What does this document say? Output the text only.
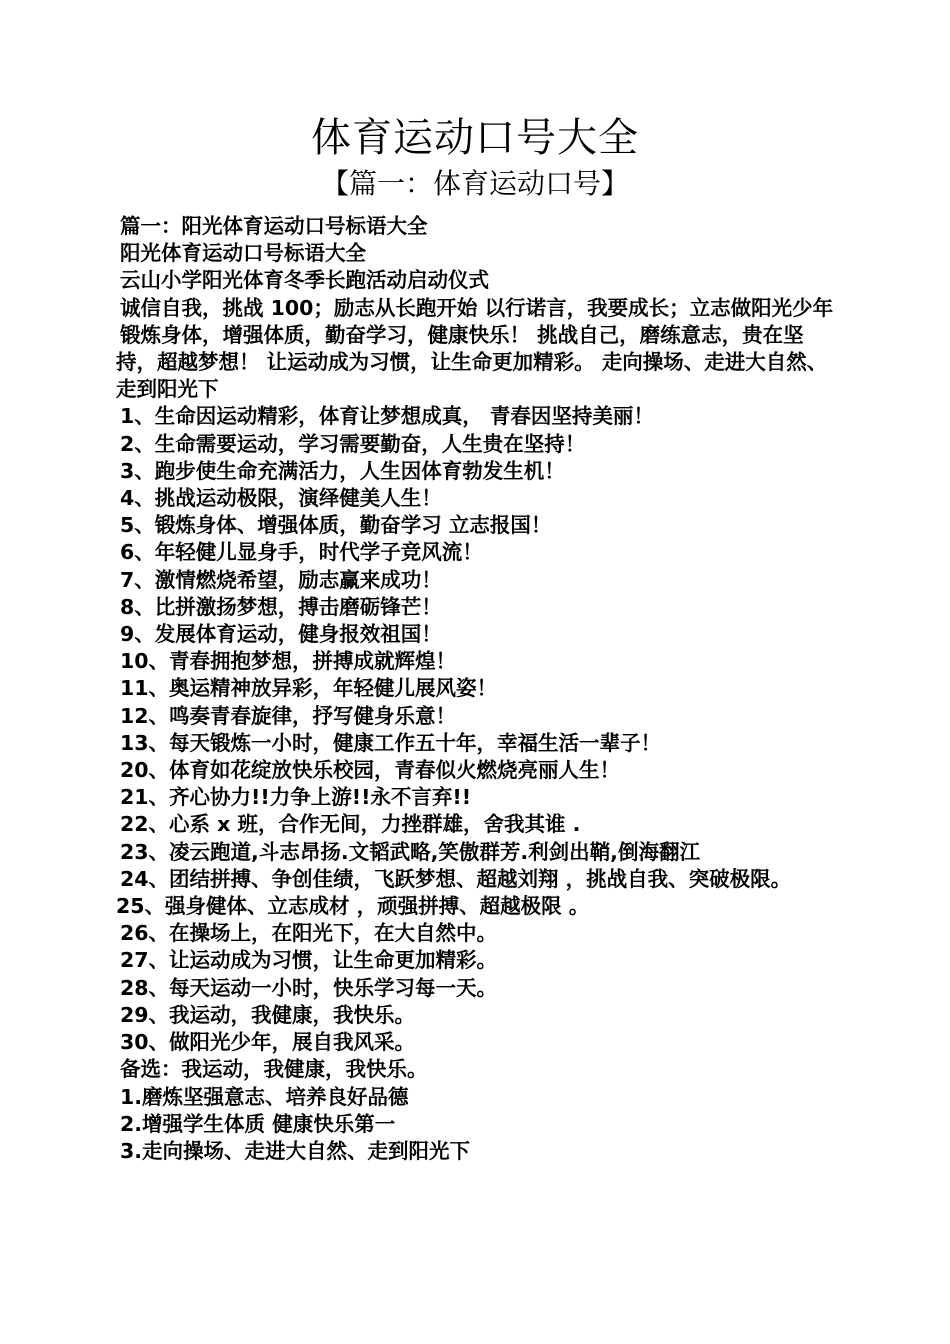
体育运动口号大全
【篇一：体育运动口号】
篇一：阳光体育运动口号标语大全
阳光体育运动口号标语大全
云山小学阳光体育冬季长跑活动启动仪式
诚信自我，挑战 100；励志从长跑开始 以行诺言，我要成长；立志做阳光少年
锻炼身体，增强体质，勤奋学习，健康快乐！ 挑战自己，磨练意志，贵在坚持，超越梦想！ 让运动成为习惯，让生命更加精彩。 走向操场、走进大自然、走到阳光下
1、生命因运动精彩，体育让梦想成真， 青春因坚持美丽！
2、生命需要运动，学习需要勤奋，人生贵在坚持！
3、跑步使生命充满活力，人生因体育勃发生机！
4、挑战运动极限，演绎健美人生！
5、锻炼身体、增强体质，勤奋学习 立志报国！
6、年轻健儿显身手，时代学子竞风流！
7、激情燃烧希望，励志赢来成功！
8、比拼激扬梦想，搏击磨砺锋芒！
9、发展体育运动，健身报效祖国！
10、青春拥抱梦想，拼搏成就辉煌！
11、奥运精神放异彩，年轻健儿展风姿！
12、鸣奏青春旋律，抒写健身乐意！
13、每天锻炼一小时，健康工作五十年，幸福生活一辈子！
20、体育如花绽放快乐校园，青春似火燃烧亮丽人生！
21、齐心协力!!力争上游!!永不言弃!!
22、心系 x 班，合作无间，力挫群雄，舍我其谁 .
23、凌云跑道,斗志昂扬.文韬武略,笑傲群芳.利剑出鞘,倒海翻江
24、团结拼搏、争创佳绩，飞跃梦想、超越刘翔 ，挑战自我、突破极限。25、强身健体、立志成材 ，顽强拼搏、超越极限 。
26、在操场上，在阳光下，在大自然中。
27、让运动成为习惯，让生命更加精彩。
28、每天运动一小时，快乐学习每一天。
29、我运动，我健康，我快乐。
30、做阳光少年，展自我风采。
备选：我运动，我健康，我快乐。
1.磨炼坚强意志、培养良好品德
2.增强学生体质 健康快乐第一
3.走向操场、走进大自然、走到阳光下
